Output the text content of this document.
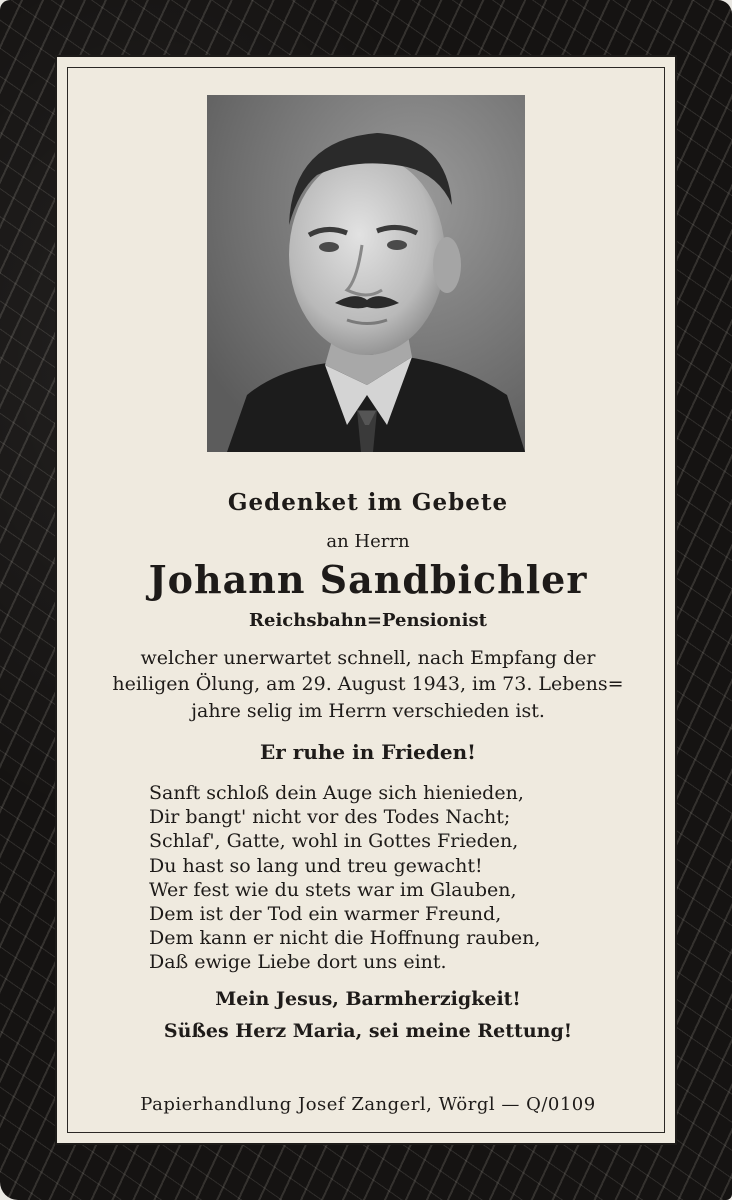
Gedenket im Gebete
an Herrn
Johann Sandbichler
Reichsbahn=Pensionist
welcher unerwartet schnell, nach Empfang der
heiligen Ölung, am 29. August 1943, im 73. Lebens=
jahre selig im Herrn verschieden ist.
Er ruhe in Frieden!
Sanft schloß dein Auge sich hienieden,
Dir bangt' nicht vor des Todes Nacht;
Schlaf', Gatte, wohl in Gottes Frieden,
Du hast so lang und treu gewacht!
Wer fest wie du stets war im Glauben,
Dem ist der Tod ein warmer Freund,
Dem kann er nicht die Hoffnung rauben,
Daß ewige Liebe dort uns eint.
Mein Jesus, Barmherzigkeit!
Süßes Herz Maria, sei meine Rettung!
Papierhandlung Josef Zangerl, Wörgl — Q/0109
